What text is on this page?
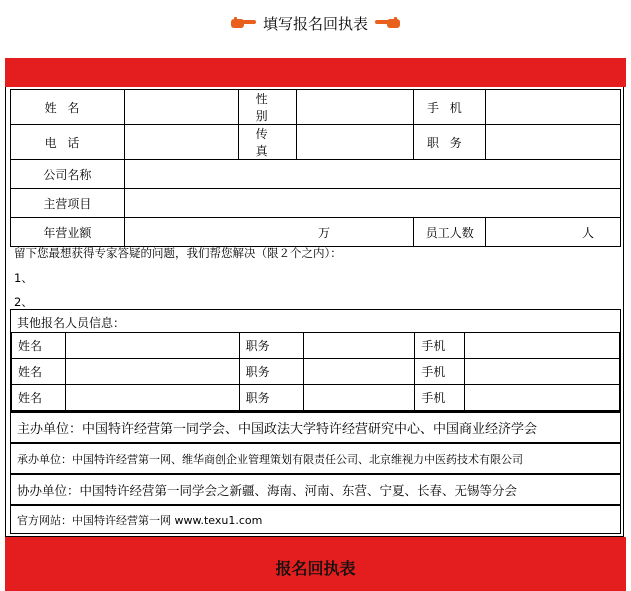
填写报名回执表
姓名		性别		手机	
电话		传真		职务	
公司名称					
主营项目					
年营业额	万			员工人数	人
留下您最想获得专家答疑的问题，我们帮您解决（限２个之内）：
1、
2、
其他报名人员信息：
姓名		职务		手机	
姓名		职务		手机	
姓名		职务		手机	
主办单位：中国特许经营第一同学会、中国政法大学特许经营研究中心、中国商业经济学会
承办单位：中国特许经营第一网、维华商创企业管理策划有限责任公司、北京维视力中医药技术有限公司
协办单位：中国特许经营第一同学会之新疆、海南、河南、东营、宁夏、长春、无锡等分会
官方网站：中国特许经营第一网 www.texu1.com
报名回执表
